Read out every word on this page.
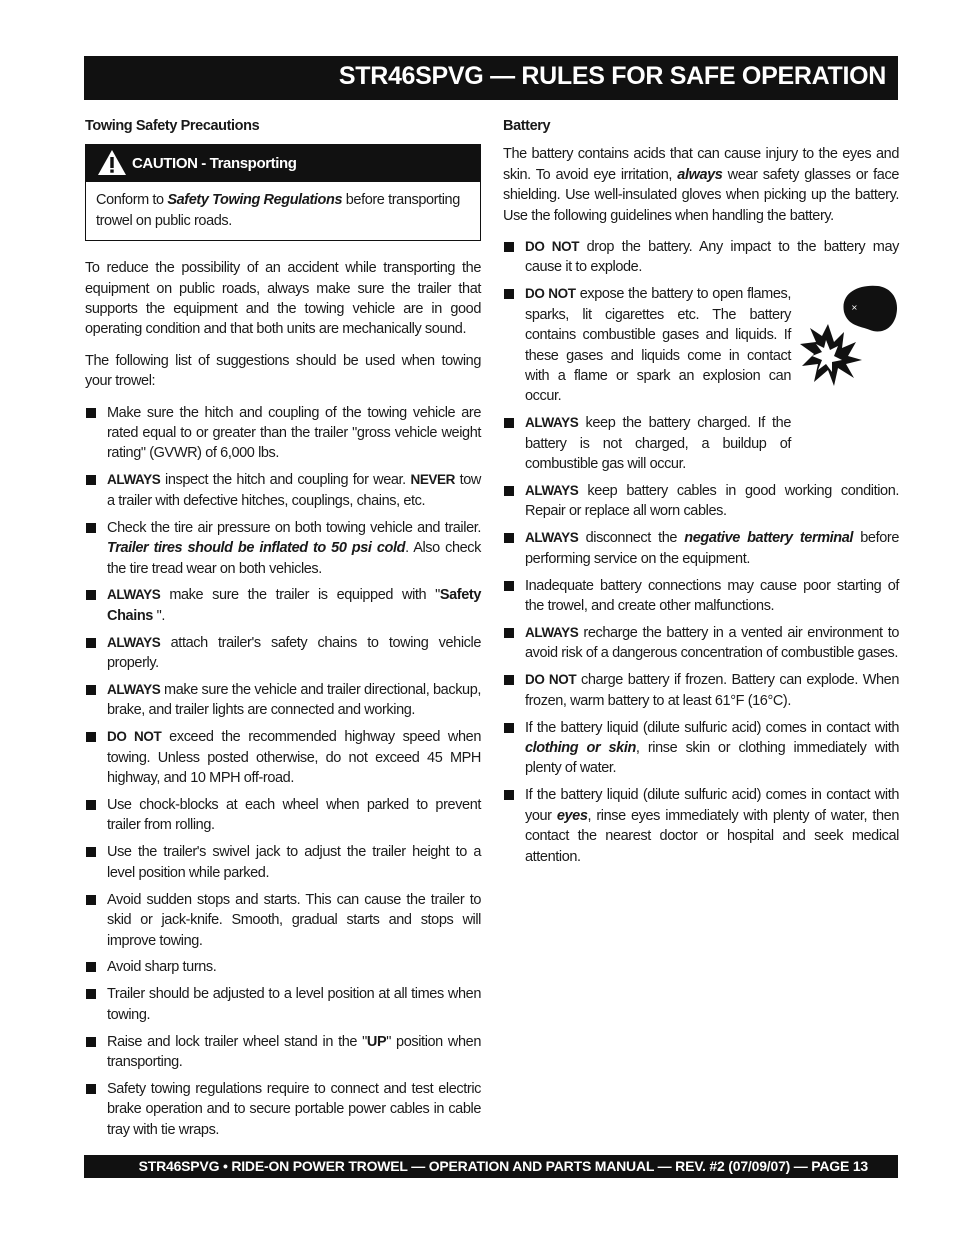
STR46SPVG — RULES FOR SAFE OPERATION
Towing Safety Precautions
CAUTION - Transporting
Conform to Safety Towing Regulations before transporting trowel on public roads.

To reduce the possibility of an accident while transporting the equipment on public roads, always make sure the trailer that supports the equipment and the towing vehicle are in good operating condition and that both units are mechanically sound.

The following list of suggestions should be used when towing your trowel:

Make sure the hitch and coupling of the towing vehicle are rated equal to or greater than the trailer "gross vehicle weight rating" (GVWR) of 6,000 lbs.
ALWAYS inspect the hitch and coupling for wear. NEVER tow a trailer with defective hitches, couplings, chains, etc.
Check the tire air pressure on both towing vehicle and trailer. Trailer tires should be inflated to 50 psi cold. Also check the tire tread wear on both vehicles.
ALWAYS make sure the trailer is equipped with "Safety Chains ".
ALWAYS attach trailer's safety chains to towing vehicle properly.
ALWAYS make sure the vehicle and trailer directional, backup, brake, and trailer lights are connected and working.
DO NOT exceed the recommended highway speed when towing. Unless posted otherwise, do not exceed 45 MPH highway, and 10 MPH off-road.
Use chock-blocks at each wheel when parked to prevent trailer from rolling.
Use the trailer's swivel jack to adjust the trailer height to a level position while parked.
Avoid sudden stops and starts. This can cause the trailer to skid or jack-knife. Smooth, gradual starts and stops will improve towing.
Avoid sharp turns.
Trailer should be adjusted to a level position at all times when towing.
Raise and lock trailer wheel stand in the "UP" position when transporting.
Safety towing regulations require to connect and test electric brake operation and to secure portable power cables in cable tray with tie wraps.
Battery

The battery contains acids that can cause injury to the eyes and skin. To avoid eye irritation, always wear safety glasses or face shielding. Use well-insulated gloves when picking up the battery. Use the following guidelines when handling the battery.

×
DO NOT drop the battery. Any impact to the battery may cause it to explode.
DO NOT expose the battery to open flames, sparks, lit cigarettes etc. The battery contains combustible gases and liquids. If these gases and liquids come in contact with a flame or spark an explosion can occur.
ALWAYS keep the battery charged. If the battery is not charged, a buildup of combustible gas will occur.
ALWAYS keep battery cables in good working condition. Repair or replace all worn cables.
ALWAYS disconnect the negative battery terminal before performing service on the equipment.
Inadequate battery connections may cause poor starting of the trowel, and create other malfunctions.
ALWAYS recharge the battery in a vented air environment to avoid risk of a dangerous concentration of combustible gases.
DO NOT charge battery if frozen. Battery can explode. When frozen, warm battery to at least 61°F (16°C).
If the battery liquid (dilute sulfuric acid) comes in contact with clothing or skin, rinse skin or clothing immediately with plenty of water.
If the battery liquid (dilute sulfuric acid) comes in contact with your eyes, rinse eyes immediately with plenty of water, then contact the nearest doctor or hospital and seek medical attention.
STR46SPVG • RIDE-ON POWER TROWEL — OPERATION AND PARTS MANUAL — REV. #2 (07/09/07) — PAGE 13
